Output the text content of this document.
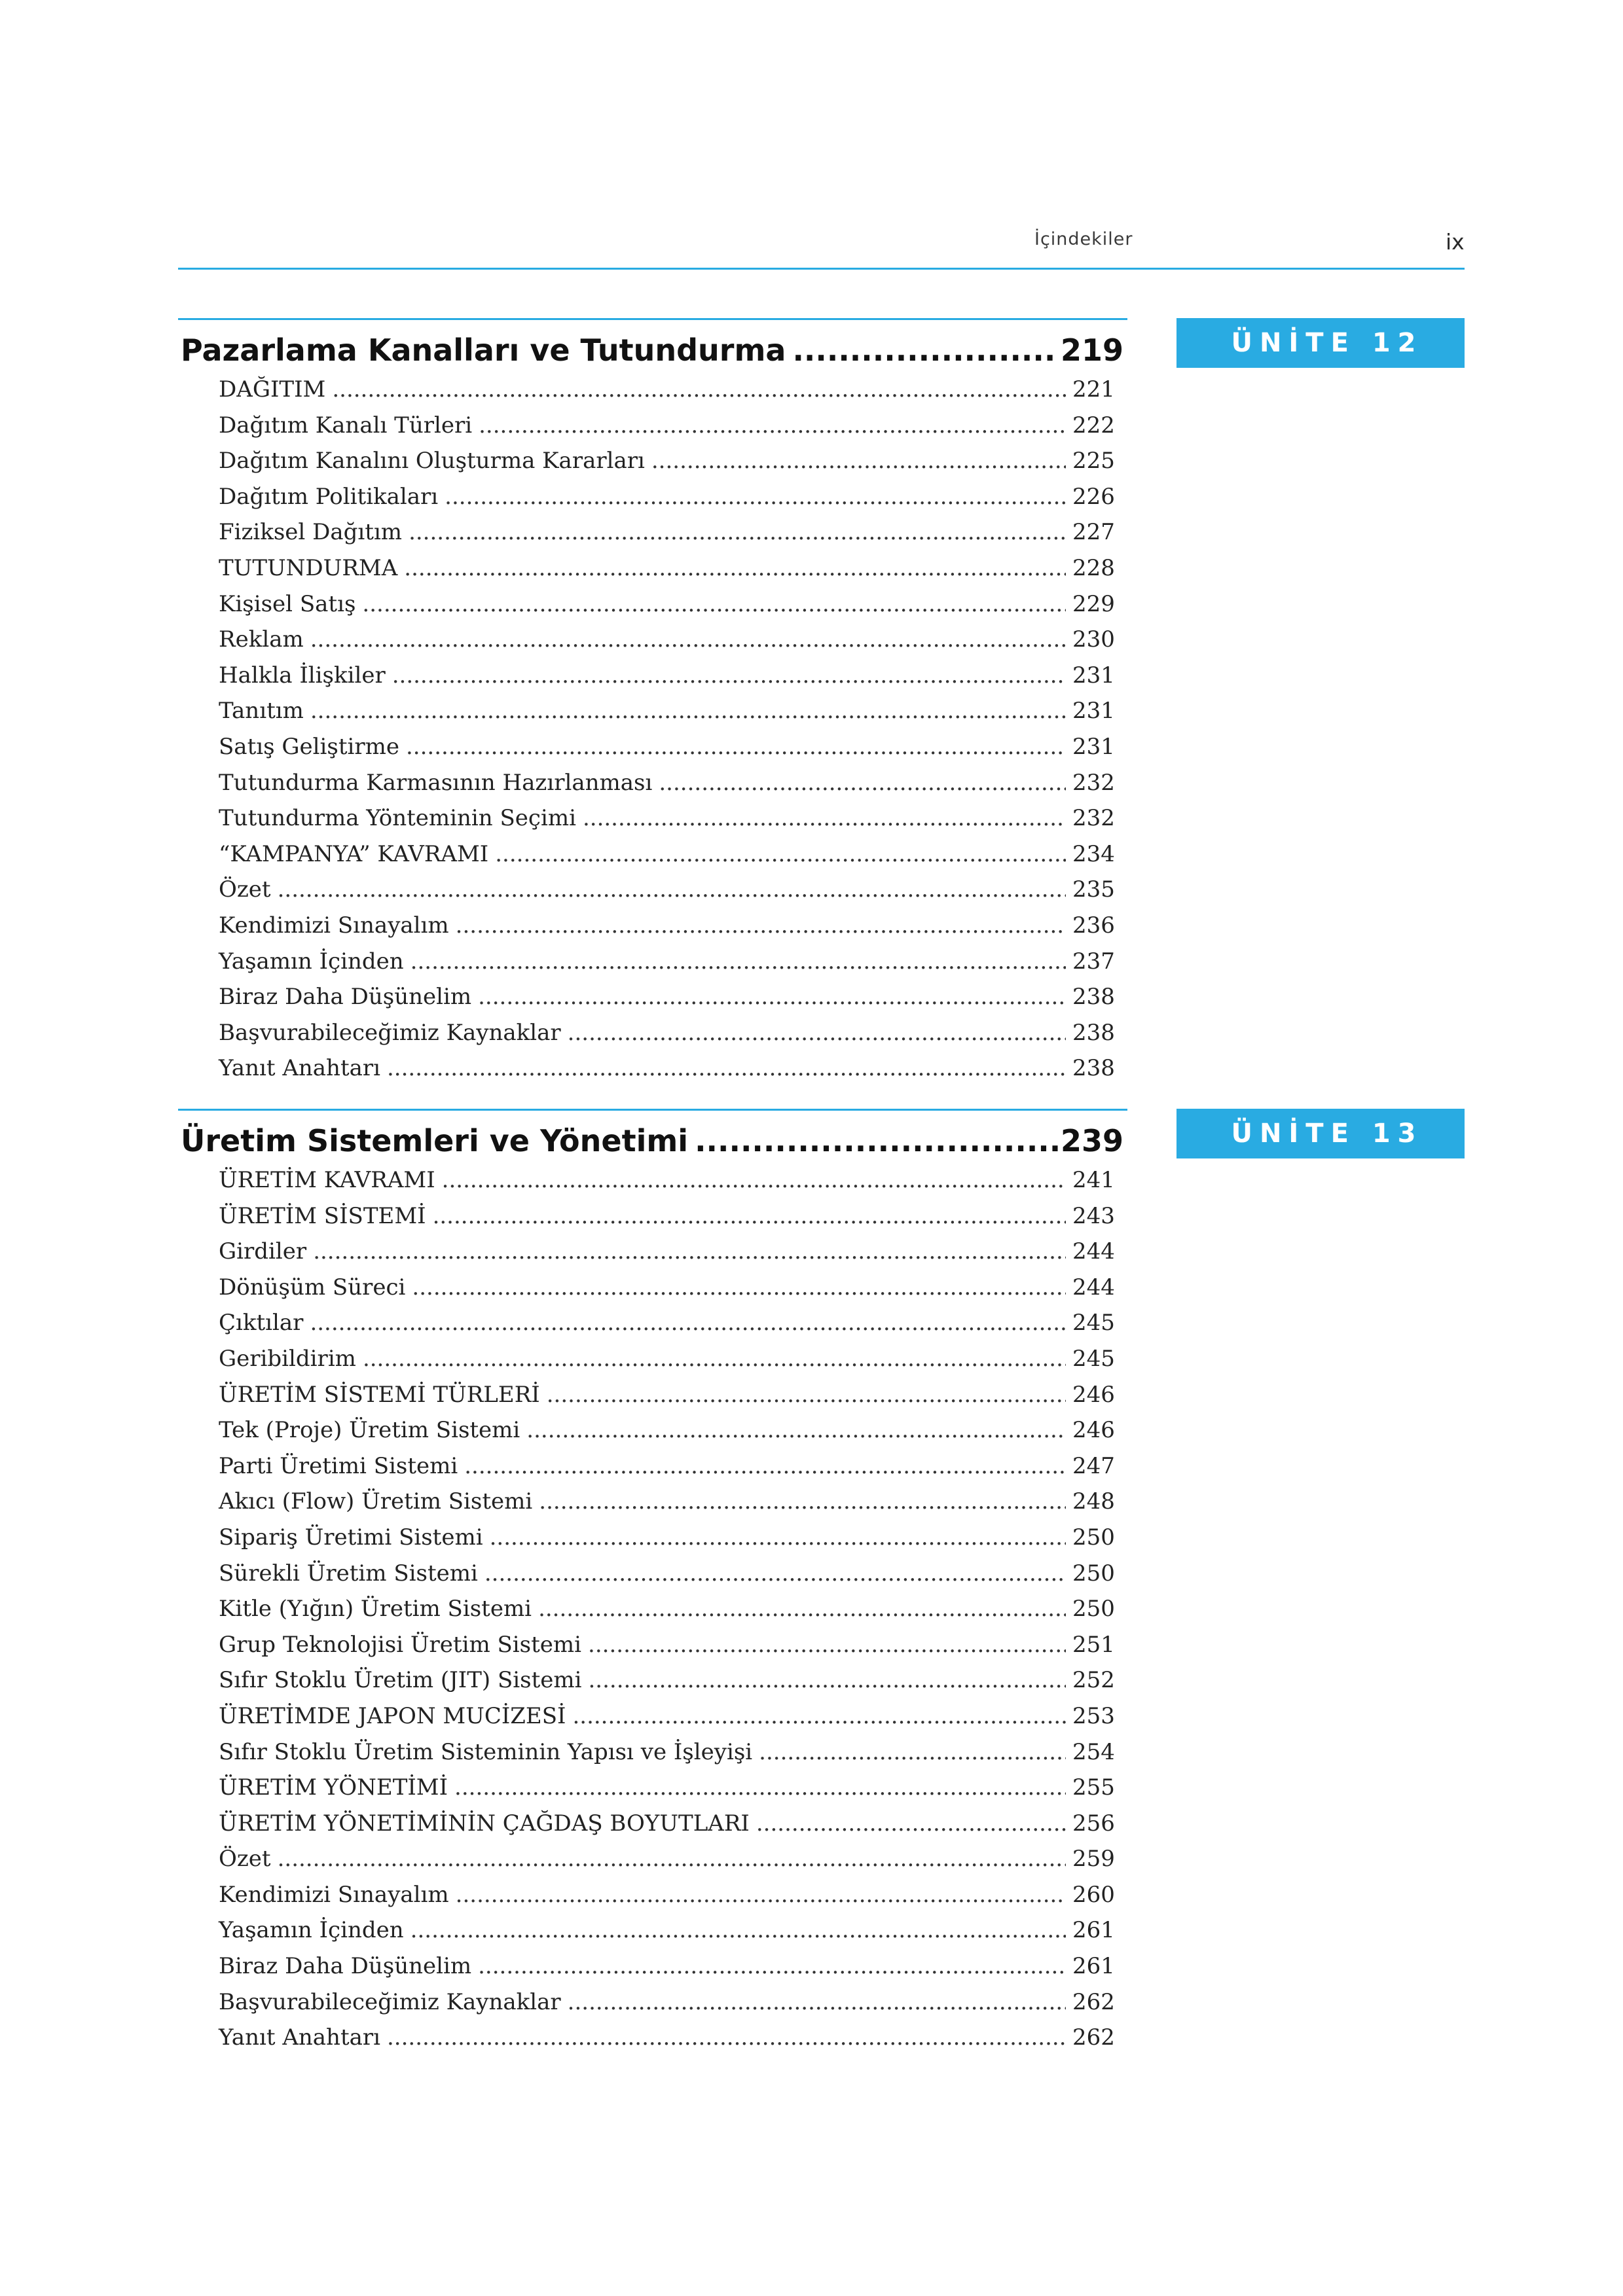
İçindekiler	ix
ÜNİTE 12
Pazarlama Kanalları ve Tutundurma .....	219
DAĞITIM .....	221
Dağıtım Kanalı Türleri .....	222
Dağıtım Kanalını Oluşturma Kararları .....	225
Dağıtım Politikaları .....	226
Fiziksel Dağıtım .....	227
TUTUNDURMA .....	228
Kişisel Satış .....	229
Reklam .....	230
Halkla İlişkiler .....	231
Tanıtım .....	231
Satış Geliştirme .....	231
Tutundurma Karmasının Hazırlanması .....	232
Tutundurma Yönteminin Seçimi .....	232
“KAMPANYA” KAVRAMI .....	234
Özet .....	235
Kendimizi Sınayalım .....	236
Yaşamın İçinden .....	237
Biraz Daha Düşünelim .....	238
Başvurabileceğimiz Kaynaklar .....	238
Yanıt Anahtarı .....	238
ÜNİTE 13
Üretim Sistemleri ve Yönetimi .....	239
ÜRETİM KAVRAMI .....	241
ÜRETİM SİSTEMİ .....	243
Girdiler .....	244
Dönüşüm Süreci .....	244
Çıktılar .....	245
Geribildirim .....	245
ÜRETİM SİSTEMİ TÜRLERİ .....	246
Tek (Proje) Üretim Sistemi .....	246
Parti Üretimi Sistemi .....	247
Akıcı (Flow) Üretim Sistemi .....	248
Sipariş Üretimi Sistemi .....	250
Sürekli Üretim Sistemi .....	250
Kitle (Yığın) Üretim Sistemi .....	250
Grup Teknolojisi Üretim Sistemi .....	251
Sıfır Stoklu Üretim (JIT) Sistemi .....	252
ÜRETİMDE JAPON MUCİZESİ .....	253
Sıfır Stoklu Üretim Sisteminin Yapısı ve İşleyişi .....	254
ÜRETİM YÖNETİMİ .....	255
ÜRETİM YÖNETİMİNİN ÇAĞDAŞ BOYUTLARI .....	256
Özet .....	259
Kendimizi Sınayalım .....	260
Yaşamın İçinden .....	261
Biraz Daha Düşünelim .....	261
Başvurabileceğimiz Kaynaklar .....	262
Yanıt Anahtarı .....	262
